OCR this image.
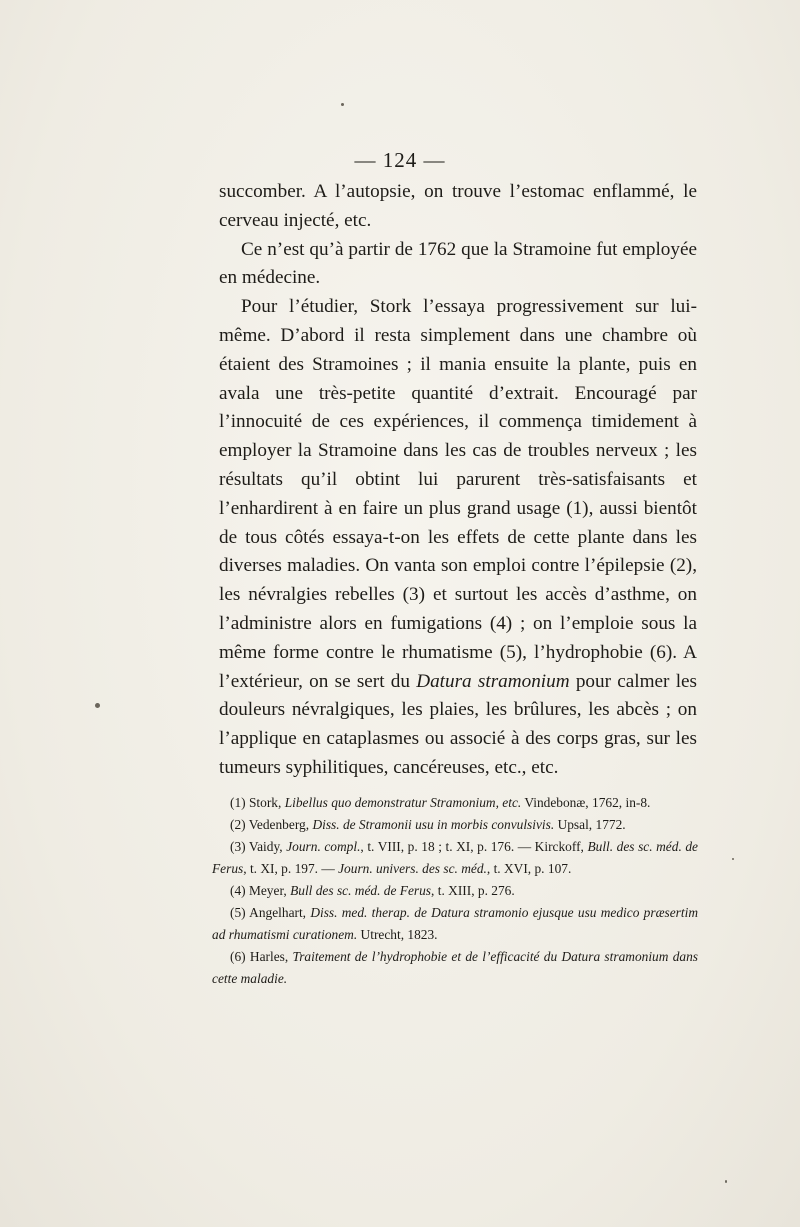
— 124 —

succomber. A l’autopsie, on trouve l’estomac enflammé, le cerveau injecté, etc.

Ce n’est qu’à partir de 1762 que la Stramoine fut employée en médecine.

Pour l’étudier, Stork l’essaya progressivement sur lui-même. D’abord il resta simplement dans une chambre où étaient des Stramoines ; il mania ensuite la plante, puis en avala une très-petite quantité d’extrait. Encouragé par l’innocuité de ces expériences, il commença timidement à employer la Stramoine dans les cas de troubles nerveux ; les résultats qu’il obtint lui parurent très-satisfaisants et l’enhardirent à en faire un plus grand usage (1), aussi bientôt de tous côtés essaya-t-on les effets de cette plante dans les diverses maladies. On vanta son emploi contre l’épilepsie (2), les névralgies rebelles (3) et surtout les accès d’asthme, on l’administre alors en fumigations (4) ; on l’emploie sous la même forme contre le rhumatisme (5), l’hydrophobie (6). A l’extérieur, on se sert du Datura stramonium pour calmer les douleurs névralgiques, les plaies, les brûlures, les abcès ; on l’applique en cataplasmes ou associé à des corps gras, sur les tumeurs syphilitiques, cancéreuses, etc., etc.

(1) Stork, Libellus quo demonstratur Stramonium, etc. Vindebonæ, 1762, in-8.

(2) Vedenberg, Diss. de Stramonii usu in morbis convulsivis. Upsal, 1772.

(3) Vaidy, Journ. compl., t. VIII, p. 18 ; t. XI, p. 176. — Kirckoff, Bull. des sc. méd. de Ferus, t. XI, p. 197. — Journ. univers. des sc. méd., t. XVI, p. 107.

(4) Meyer, Bull des sc. méd. de Ferus, t. XIII, p. 276.

(5) Angelhart, Diss. med. therap. de Datura stramonio ejusque usu medico præsertim ad rhumatismi curationem. Utrecht, 1823.

(6) Harles, Traitement de l’hydrophobie et de l’efficacité du Datura stramonium dans cette maladie.
